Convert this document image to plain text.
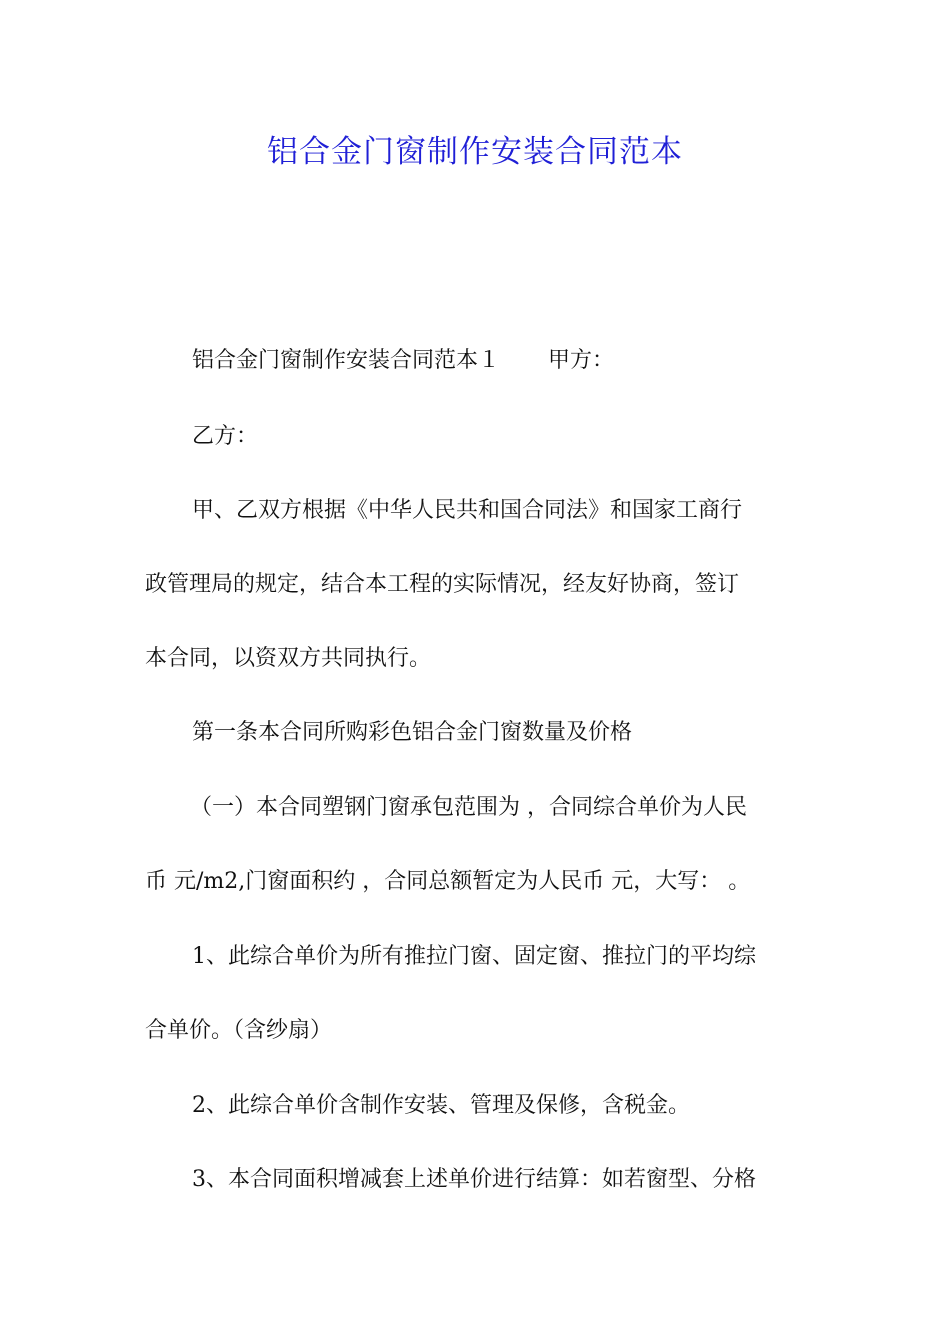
铝合金门窗制作安装合同范本
铝合金门窗制作安装合同范本１ 甲方：
乙方：
甲、乙双方根据《中华人民共和国合同法》和国家工商行
政管理局的规定，结合本工程的实际情况，经友好协商，签订
本合同，以资双方共同执行。
第一条本合同所购彩色铝合金门窗数量及价格
（一）本合同塑钢门窗承包范围为 ，合同综合单价为人民
币 元/m2,门窗面积约 ，合同总额暂定为人民币 元，大写： 。
1、此综合单价为所有推拉门窗、固定窗、推拉门的平均综
合单价。（含纱扇）
2、此综合单价含制作安装、管理及保修，含税金。
3、本合同面积增减套上述单价进行结算：如若窗型、分格
